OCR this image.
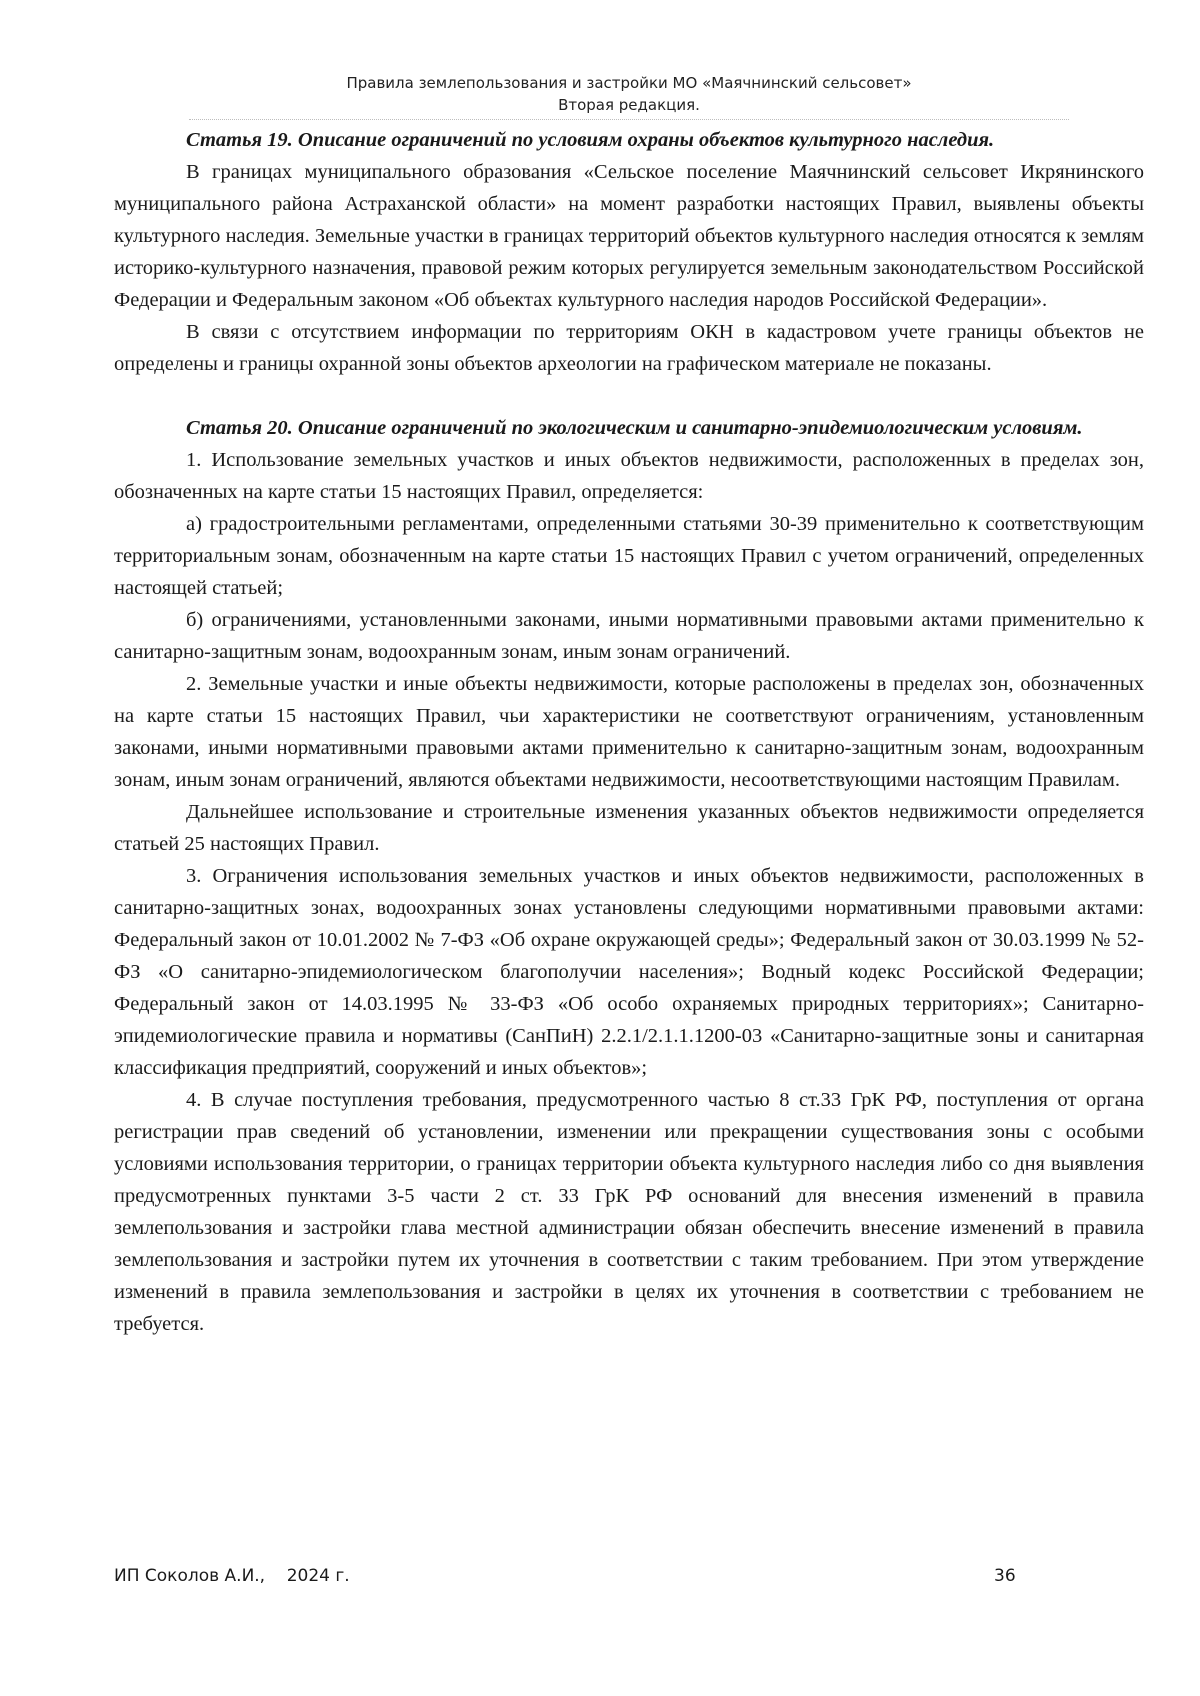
Правила землепользования и застройки МО «Маячнинский сельсовет»
Вторая редакция.
Статья 19. Описание ограничений по условиям охраны объектов культурного наследия.

В границах муниципального образования «Сельское поселение Маячнинский сельсовет Икрянинского муниципального района Астраханской области» на момент разработки настоящих Правил, выявлены объекты культурного наследия. Земельные участки в границах территорий объектов культурного наследия относятся к землям историко-культурного назначения, правовой режим которых регулируется земельным законодательством Российской Федерации и Федеральным законом «Об объектах культурного наследия народов Российской Федерации».

В связи с отсутствием информации по территориям ОКН в кадастровом учете границы объектов не определены и границы охранной зоны объектов археологии на графическом материале не показаны.

Статья 20. Описание ограничений по экологическим и санитарно-эпидемиологическим условиям.

1. Использование земельных участков и иных объектов недвижимости, расположенных в пределах зон, обозначенных на карте статьи 15 настоящих Правил, определяется:

а) градостроительными регламентами, определенными статьями 30-39 применительно к соответствующим территориальным зонам, обозначенным на карте статьи 15 настоящих Правил с учетом ограничений, определенных настоящей статьей;

б) ограничениями, установленными законами, иными нормативными правовыми актами применительно к санитарно-защитным зонам, водоохранным зонам, иным зонам ограничений.

2. Земельные участки и иные объекты недвижимости, которые расположены в пределах зон, обозначенных на карте статьи 15 настоящих Правил, чьи характеристики не соответствуют ограничениям, установленным законами, иными нормативными правовыми актами применительно к санитарно-защитным зонам, водоохранным зонам, иным зонам ограничений, являются объектами недвижимости, несоответствующими настоящим Правилам.

Дальнейшее использование и строительные изменения указанных объектов недвижимости определяется статьей 25 настоящих Правил.

3. Ограничения использования земельных участков и иных объектов недвижимости, расположенных в санитарно-защитных зонах, водоохранных зонах установлены следующими нормативными правовыми актами: Федеральный закон от 10.01.2002 № 7-ФЗ «Об охране окружающей среды»; Федеральный закон от 30.03.1999 № 52-ФЗ «О санитарно-эпидемиологическом благополучии населения»; Водный кодекс Российской Федерации; Федеральный закон от 14.03.1995 № 33-ФЗ «Об особо охраняемых природных территориях»; Санитарно-эпидемиологические правила и нормативы (СанПиН) 2.2.1/2.1.1.1200-03 «Санитарно-защитные зоны и санитарная классификация предприятий, сооружений и иных объектов»;

4. В случае поступления требования, предусмотренного частью 8 ст.33 ГрК РФ, поступления от органа регистрации прав сведений об установлении, изменении или прекращении существования зоны с особыми условиями использования территории, о границах территории объекта культурного наследия либо со дня выявления предусмотренных пунктами 3-5 части 2 ст. 33 ГрК РФ оснований для внесения изменений в правила землепользования и застройки глава местной администрации обязан обеспечить внесение изменений в правила землепользования и застройки путем их уточнения в соответствии с таким требованием. При этом утверждение изменений в правила землепользования и застройки в целях их уточнения в соответствии с требованием не требуется.

ИП Соколов А.И.,    2024 г.	36
